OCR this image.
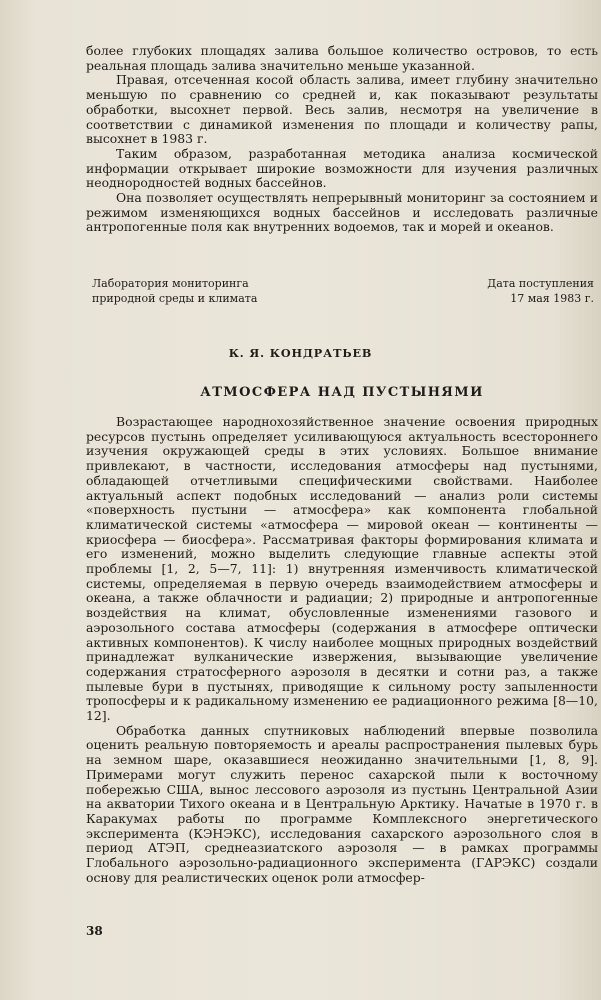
более глубоких площадях залива большое количество островов, то есть реальная площадь залива значительно меньше указанной.

Правая, отсеченная косой область залива, имеет глубину значительно меньшую по сравнению со средней и, как показывают результаты обработки, высохнет первой. Весь залив, несмотря на увеличение в соответствии с динамикой изменения по площади и количеству рапы, высохнет в 1983 г.

Таким образом, разработанная методика анализа космической информации открывает широкие возможности для изучения различных неоднородностей водных бассейнов.

Она позволяет осуществлять непрерывный мониторинг за состоянием и режимом изменяющихся водных бассейнов и исследовать различные антропогенные поля как внутренних водоемов, так и морей и океанов.

Лаборатория мониторинга
природной среды и климата
Дата поступления
17 мая 1983 г.
К. Я. КОНДРАТЬЕВ
АТМОСФЕРА НАД ПУСТЫНЯМИ

Возрастающее народнохозяйственное значение освоения природных ресурсов пустынь определяет усиливающуюся актуальность всестороннего изучения окружающей среды в этих условиях. Большое внимание привлекают, в частности, исследования атмосферы над пустынями, обладающей отчетливыми специфическими свойствами. Наиболее актуальный аспект подобных исследований — анализ роли системы «поверхность пустыни — атмосфера» как компонента глобальной климатической системы «атмосфера — мировой океан — континенты — криосфера — биосфера». Рассматривая факторы формирования климата и его изменений, можно выделить следующие главные аспекты этой проблемы [1, 2, 5—7, 11]: 1) внутренняя изменчивость климатической системы, определяемая в первую очередь взаимодействием атмосферы и океана, а также облачности и радиации; 2) природные и антропогенные воздействия на климат, обусловленные изменениями газового и аэрозольного состава атмосферы (содержания в атмосфере оптически активных компонентов). К числу наиболее мощных природных воздействий принадлежат вулканические извержения, вызывающие увеличение содержания стратосферного аэрозоля в десятки и сотни раз, а также пылевые бури в пустынях, приводящие к сильному росту запыленности тропосферы и к радикальному изменению ее радиационного режима [8—10, 12].

Обработка данных спутниковых наблюдений впервые позволила оценить реальную повторяемость и ареалы распространения пылевых бурь на земном шаре, оказавшиеся неожиданно значительными [1, 8, 9]. Примерами могут служить перенос сахарской пыли к восточному побережью США, вынос лессового аэрозоля из пустынь Центральной Азии на акватории Тихого океана и в Центральную Арктику. Начатые в 1970 г. в Каракумах работы по программе Комплексного энергетического эксперимента (КЭНЭКС), исследования сахарского аэрозольного слоя в период АТЭП, среднеазиатского аэрозоля — в рамках программы Глобального аэрозольно-радиационного эксперимента (ГАРЭКС) создали основу для реалистических оценок роли атмосфер-

38
